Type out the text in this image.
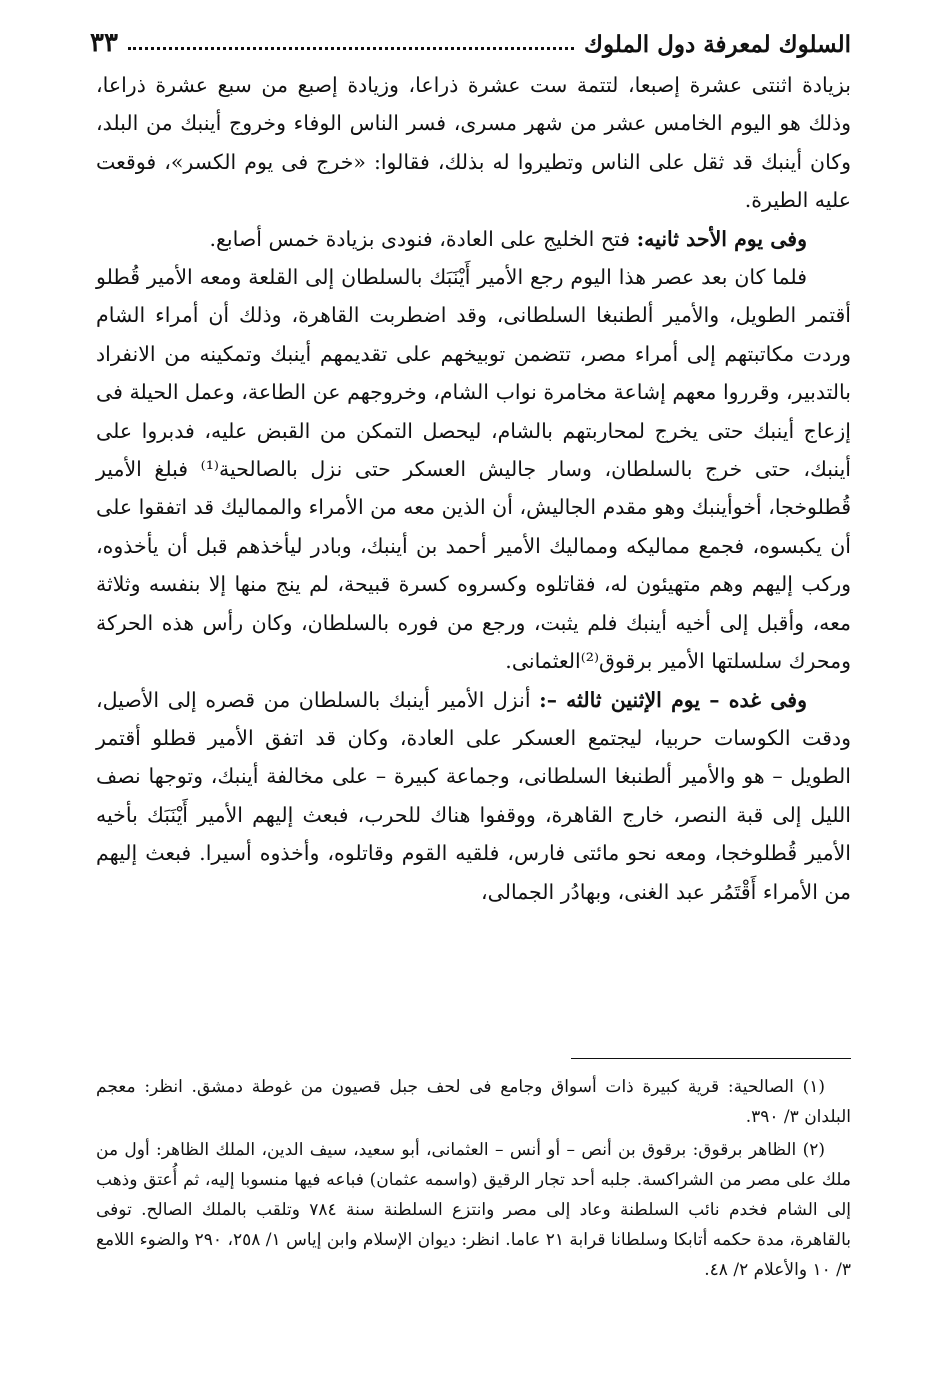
السلوك لمعرفة دول الملوك
٣٣

بزيادة اثنتى عشرة إصبعا، لتتمة ست عشرة ذراعا، وزيادة إصبع من سبع عشرة ذراعا، وذلك هو اليوم الخامس عشر من شهر مسرى، فسر الناس الوفاء وخروج أينبك من البلد، وكان أينبك قد ثقل على الناس وتطيروا له بذلك، فقالوا: «خرج فى يوم الكسر»، فوقعت عليه الطيرة.

وفى يوم الأحد ثانيه: فتح الخليج على العادة، فنودى بزيادة خمس أصابع.

فلما كان بعد عصر هذا اليوم رجع الأمير أَيْنَبَك بالسلطان إلى القلعة ومعه الأمير قُطلو أقتمر الطويل، والأمير ألطنبغا السلطانى، وقد اضطربت القاهرة، وذلك أن أمراء الشام وردت مكاتبتهم إلى أمراء مصر، تتضمن توبيخهم على تقديمهم أينبك وتمكينه من الانفراد بالتدبير، وقرروا معهم إشاعة مخامرة نواب الشام، وخروجهم عن الطاعة، وعمل الحيلة فى إزعاج أينبك حتى يخرج لمحاربتهم بالشام، ليحصل التمكن من القبض عليه، فدبروا على أينبك، حتى خرج بالسلطان، وسار جاليش العسكر حتى نزل بالصالحية⁽¹⁾ فبلغ الأمير قُطلوخجا، أخوأينبك وهو مقدم الجاليش، أن الذين معه من الأمراء والمماليك قد اتفقوا على أن يكبسوه، فجمع مماليكه ومماليك الأمير أحمد بن أينبك، وبادر ليأخذهم قبل أن يأخذوه، وركب إليهم وهم متهيئون له، فقاتلوه وكسروه كسرة قبيحة، لم ينج منها إلا بنفسه وثلاثة معه، وأقبل إلى أخيه أينبك فلم يثبت، ورجع من فوره بالسلطان، وكان رأس هذه الحركة ومحرك سلسلتها الأمير برقوق⁽²⁾العثمانى.

وفى غده – يوم الإثنين ثالثه –: أنزل الأمير أينبك بالسلطان من قصره إلى الأصيل، ودقت الكوسات حربيا، ليجتمع العسكر على العادة، وكان قد اتفق الأمير قطلو أقتمر الطويل – هو والأمير ألطنبغا السلطانى، وجماعة كبيرة – على مخالفة أينبك، وتوجها نصف الليل إلى قبة النصر، خارج القاهرة، ووقفوا هناك للحرب، فبعث إليهم الأمير أَيْنَبَك بأخيه الأمير قُطلوخجا، ومعه نحو مائتى فارس، فلقيه القوم وقاتلوه، وأخذوه أسيرا. فبعث إليهم من الأمراء أَقْتَمُر عبد الغنى، وبهادُر الجمالى،

(١) الصالحية: قرية كبيرة ذات أسواق وجامع فى لحف جبل قصيون من غوطة دمشق. انظر: معجم البلدان ٣/ ٣٩٠.

(٢) الظاهر برقوق: برقوق بن أنص – أو أنس – العثمانى، أبو سعيد، سيف الدين، الملك الظاهر: أول من ملك على مصر من الشراكسة. جلبه أحد تجار الرقيق (واسمه عثمان) فباعه فيها منسوبا إليه، ثم أُعتق وذهب إلى الشام فخدم نائب السلطنة وعاد إلى مصر وانتزع السلطنة سنة ٧٨٤ وتلقب بالملك الصالح. توفى بالقاهرة، مدة حكمه أتابكا وسلطانا قرابة ٢١ عاما. انظر: ديوان الإسلام وابن إياس ١/ ٢٥٨، ٢٩٠ والضوء اللامع ٣/ ١٠ والأعلام ٢/ ٤٨.
